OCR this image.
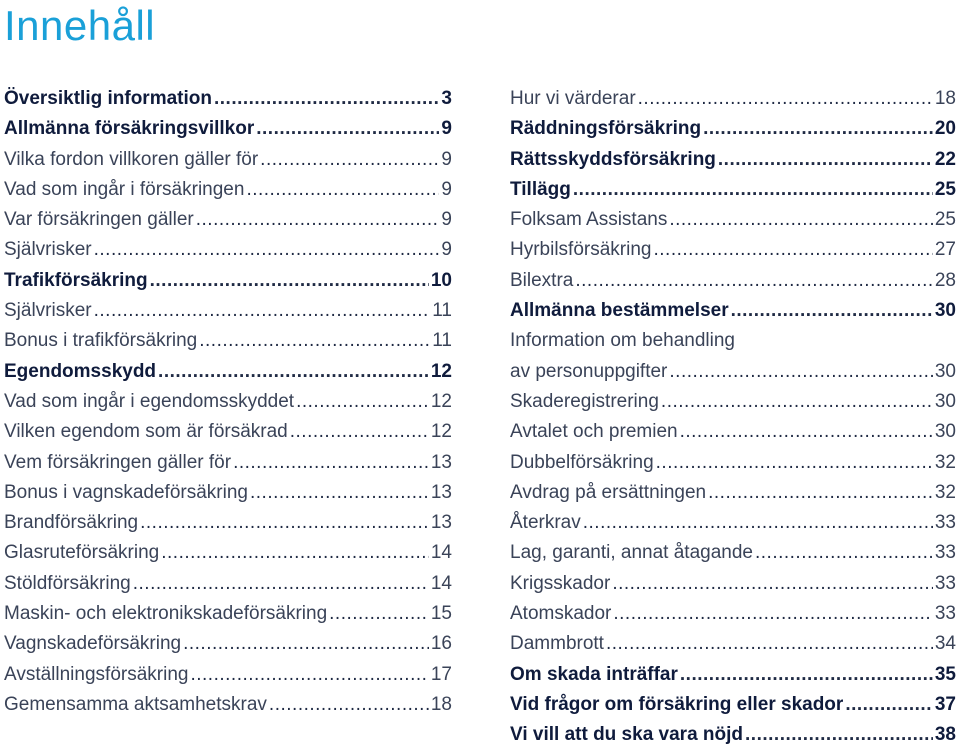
Innehåll
Översiktlig information .....	3
Allmänna försäkringsvillkor .....	9
Vilka fordon villkoren gäller för .....	9
Vad som ingår i försäkringen .....	9
Var försäkringen gäller .....	9
Självrisker .....	9
Trafikförsäkring .....	10
Självrisker .....	11
Bonus i trafikförsäkring .....	11
Egendomsskydd .....	12
Vad som ingår i egendomsskyddet .....	12
Vilken egendom som är försäkrad .....	12
Vem försäkringen gäller för .....	13
Bonus i vagnskadeförsäkring .....	13
Brandförsäkring .....	13
Glasruteförsäkring .....	14
Stöldförsäkring .....	14
Maskin- och elektronikskadeförsäkring .....	15
Vagnskadeförsäkring .....	16
Avställningsförsäkring .....	17
Gemensamma aktsamhetskrav .....	18
Hur vi värderar .....	18
Räddningsförsäkring .....	20
Rättsskyddsförsäkring .....	22
Tillägg .....	25
Folksam Assistans .....	25
Hyrbilsförsäkring .....	27
Bilextra .....	28
Allmänna bestämmelser .....	30
Information om behandling
av personuppgifter .....	30
Skaderegistrering .....	30
Avtalet och premien .....	30
Dubbelförsäkring .....	32
Avdrag på ersättningen .....	32
Återkrav .....	33
Lag, garanti, annat åtagande .....	33
Krigsskador .....	33
Atomskador .....	33
Dammbrott .....	34
Om skada inträffar .....	35
Vid frågor om försäkring eller skador .....	37
Vi vill att du ska vara nöjd .....	38
